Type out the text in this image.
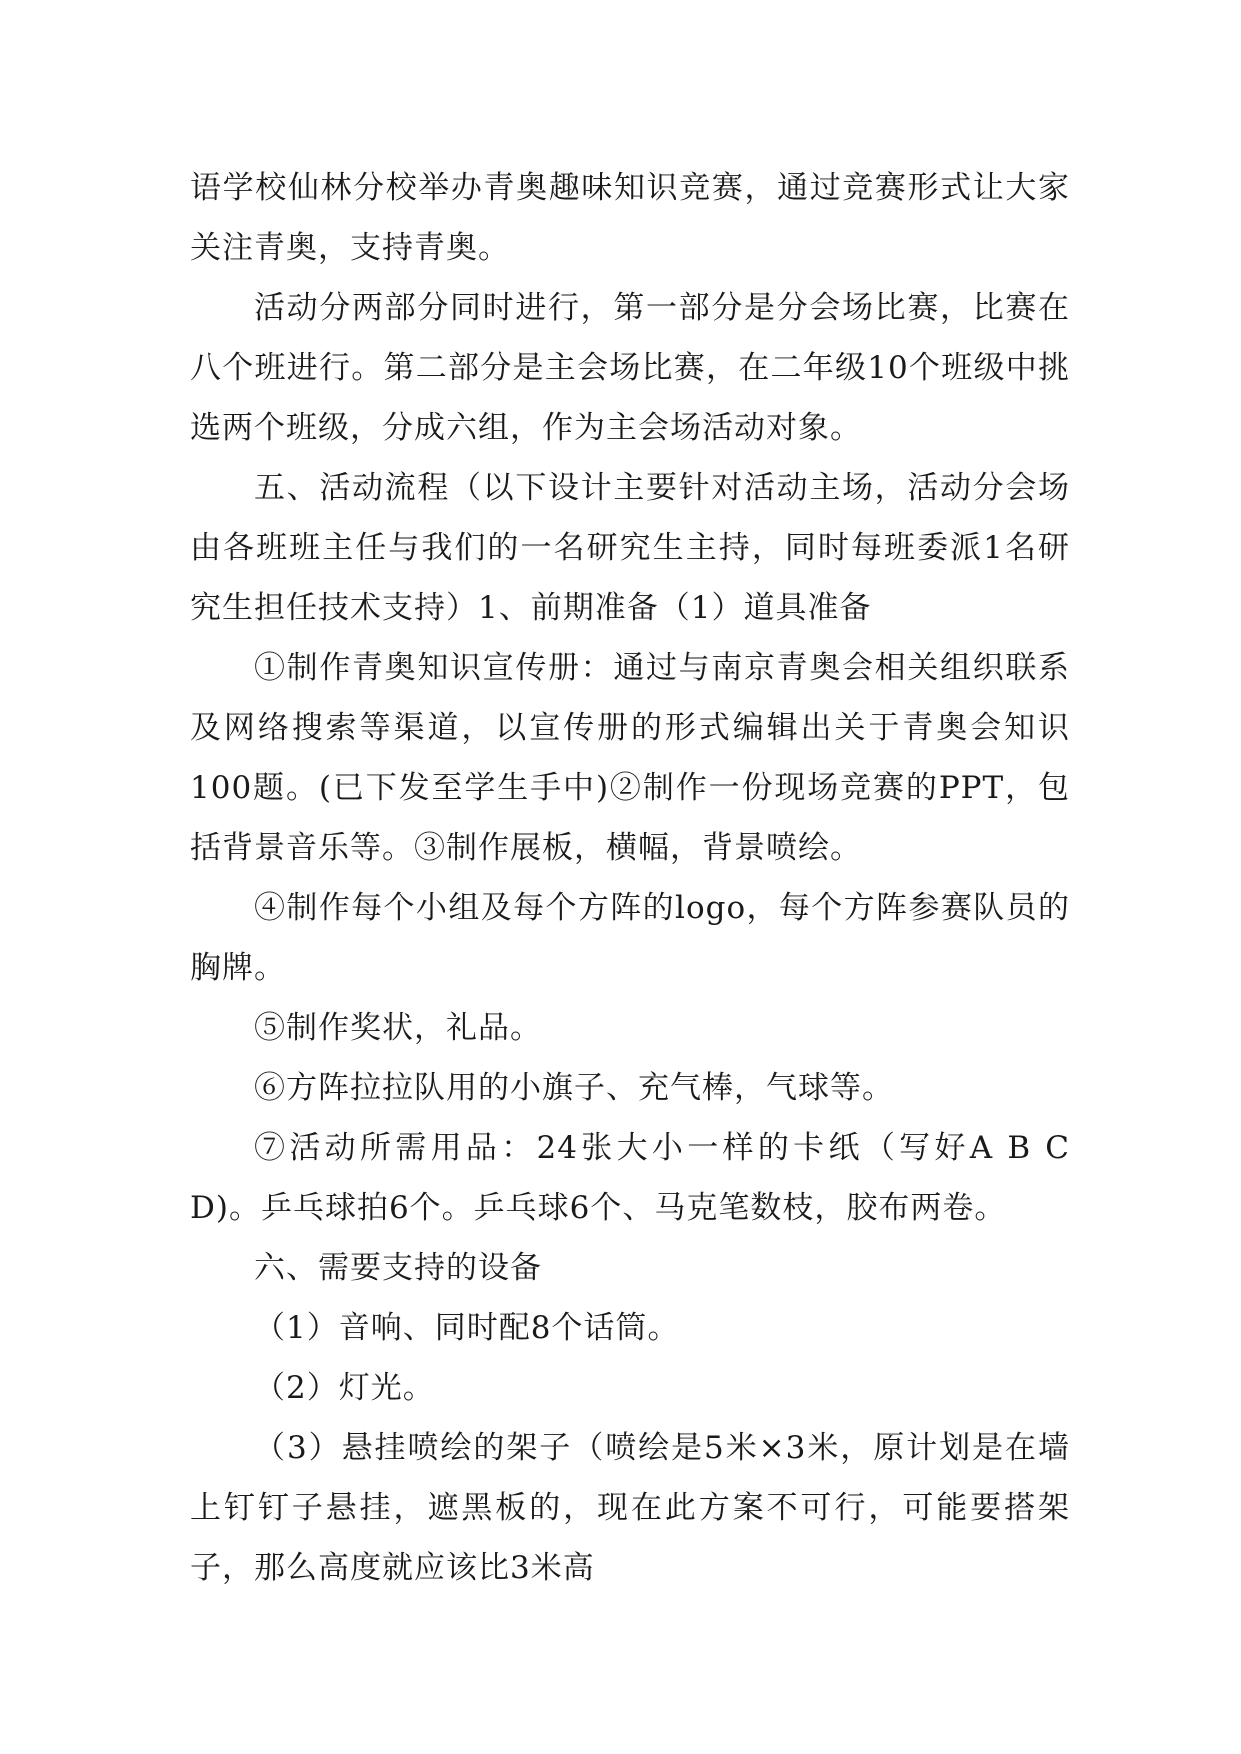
语学校仙林分校举办青奥趣味知识竞赛，通过竞赛形式让大家关注青奥，支持青奥。

活动分两部分同时进行，第一部分是分会场比赛，比赛在八个班进行。第二部分是主会场比赛，在二年级10个班级中挑选两个班级，分成六组，作为主会场活动对象。

五、活动流程（以下设计主要针对活动主场，活动分会场由各班班主任与我们的一名研究生主持，同时每班委派1名研究生担任技术支持）1、前期准备（1）道具准备

①制作青奥知识宣传册：通过与南京青奥会相关组织联系及网络搜索等渠道，以宣传册的形式编辑出关于青奥会知识100题。(已下发至学生手中)②制作一份现场竞赛的PPT，包括背景音乐等。③制作展板，横幅，背景喷绘。

④制作每个小组及每个方阵的logo，每个方阵参赛队员的胸牌。

⑤制作奖状，礼品。

⑥方阵拉拉队用的小旗子、充气棒，气球等。

⑦活动所需用品：24张大小一样的卡纸（写好A B C D)。乒乓球拍6个。乒乓球6个、马克笔数枝，胶布两卷。

六、需要支持的设备

（1）音响、同时配8个话筒。

（2）灯光。

（3）悬挂喷绘的架子（喷绘是5米×3米，原计划是在墙上钉钉子悬挂，遮黑板的，现在此方案不可行，可能要搭架子，那么高度就应该比3米高
